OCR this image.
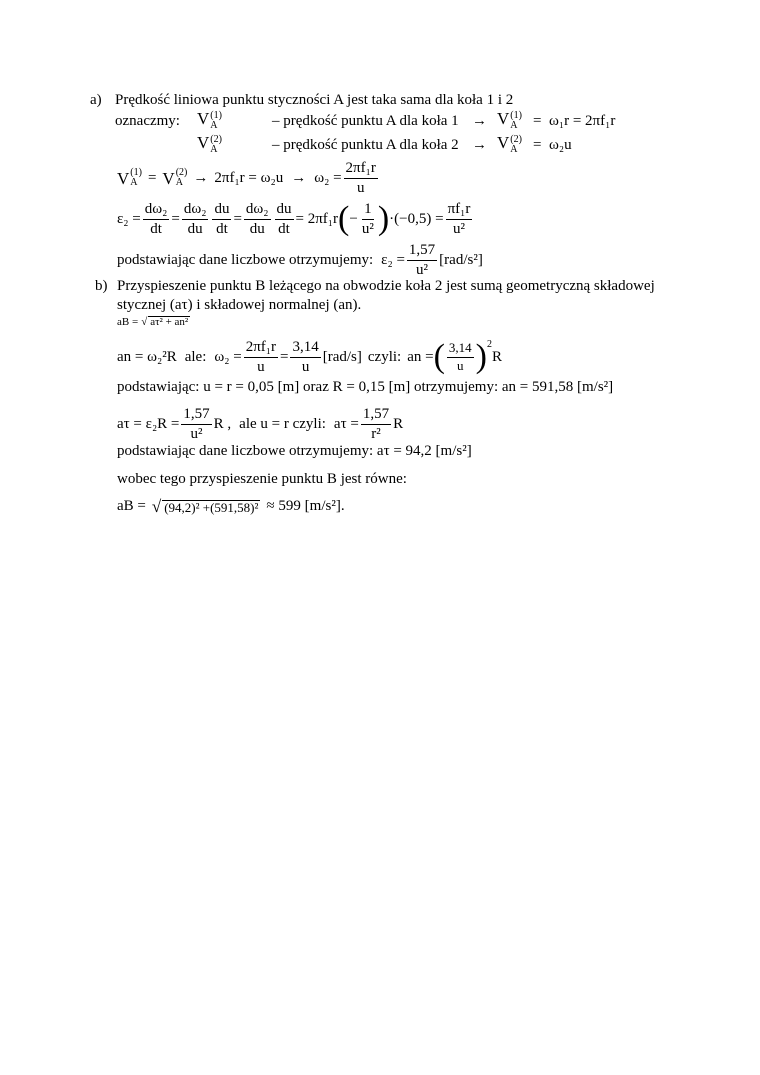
a) Prędkość liniowa punktu styczności A jest taka sama dla koła 1 i 2
oznaczmy: V (1)
A	– prędkość punktu A dla koła 1 → V (1)
A = ω₁r = 2πf₁r
V (2)
A	– prędkość punktu A dla koła 2 → V (2)
A = ω₂u
V (1)
A = V (2)
$A \to 2\pi f_1r = \omega_2u \to \omega_2 = \frac{\text{2πf₁r}}{u}$
$\varepsilon_2 = \frac{\text{dω₂}}{dt} = \frac{\text{dω₂}}{du} \frac{du}{dt} = \frac{\text{dω₂}}{du} \frac{du}{dt} = 2\pi f_1r$ ( − $\frac{1}{\text{u²}}$ ) $\cdot(-0,5) = \frac{\text{πf₁r}}{\text{u²}}$
podstawiając dane liczbowe otrzymujemy: $\varepsilon_2 = \frac{1,57}{\text{u²}} [rad/s^2]$
b) Przyspieszenie punktu B leżącego na obwodzie koła 2 jest sumą geometryczną składowej
stycznej (aτ) i składowej normalnej (an).
aB = √ aτ² + an²
an = ω₂²R ale: $\omega_2 = \frac{\text{2πf₁r}}{u} = \frac{3,14}{u} [rad/s]$ czyli: an = ( $\frac{3,14}{u}$ ) 2
R
podstawiając: u = r = 0,05 [m] oraz R = 0,15 [m] otrzymujemy: an = 591,58 [m/s²]
$a\tau = \varepsilon_2R = \frac{1,57}{\text{u²}}$ R , ale u = r czyli: $a\tau = \frac{1,57}{\text{r²}}$ R
podstawiając dane liczbowe otrzymujemy: aτ = 94,2 [m/s²]
wobec tego przyspieszenie punktu B jest równe:
aB = √ (94,2)² +(591,58)² ≈ 599 [m/s²].
